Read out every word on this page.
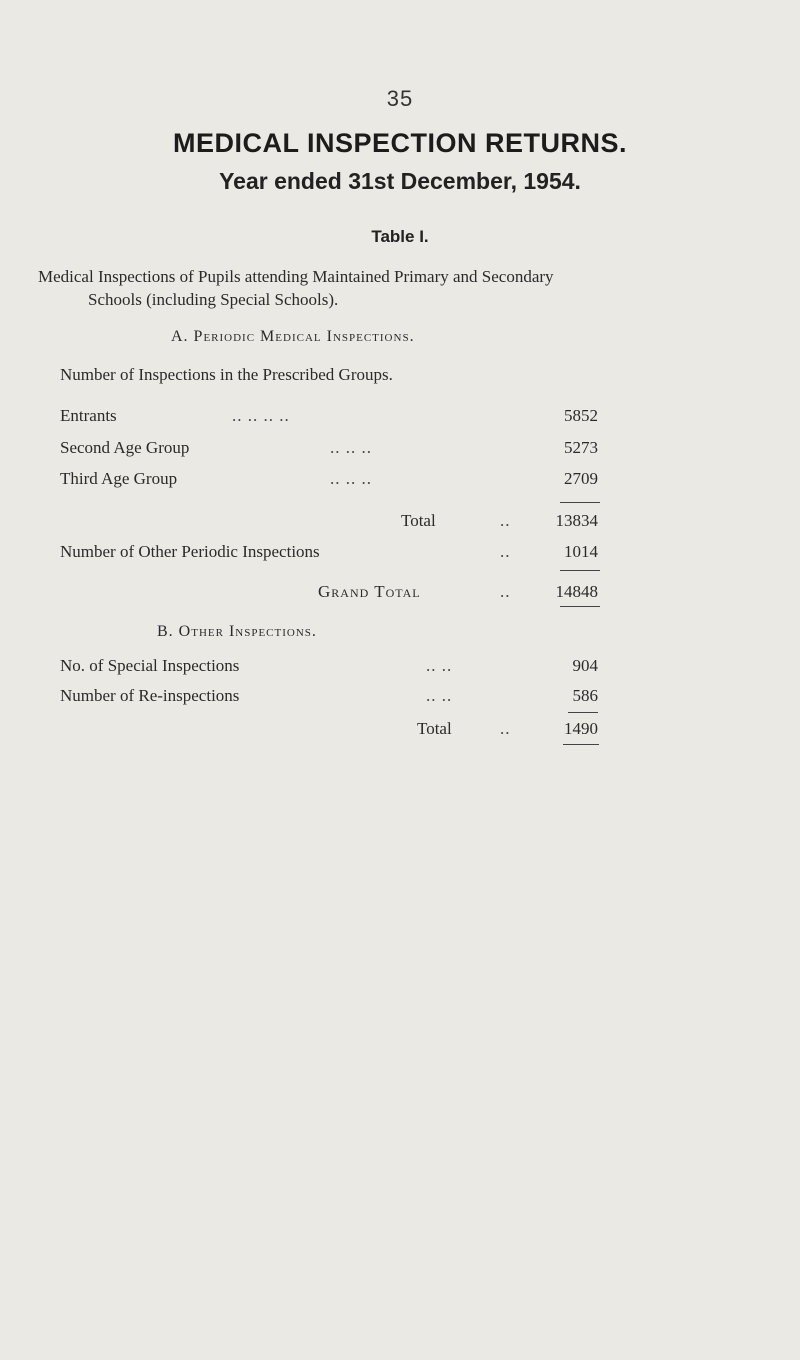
35
MEDICAL INSPECTION RETURNS.
Year ended 31st December, 1954.
Table I.
Medical Inspections of Pupils attending Maintained Primary and Secondary
Schools (including Special Schools).
A. Periodic Medical Inspections.
Number of Inspections in the Prescribed Groups.
Entrants	.. .. .. ..	5852
Second Age Group	.. .. ..	5273
Third Age Group	.. .. ..	2709
Total	..	13834
Number of Other Periodic Inspections	..	1014
Grand Total	..	14848
B. Other Inspections.
No. of Special Inspections	.. ..	904
Number of Re-inspections	.. ..	586
Total	..	1490
